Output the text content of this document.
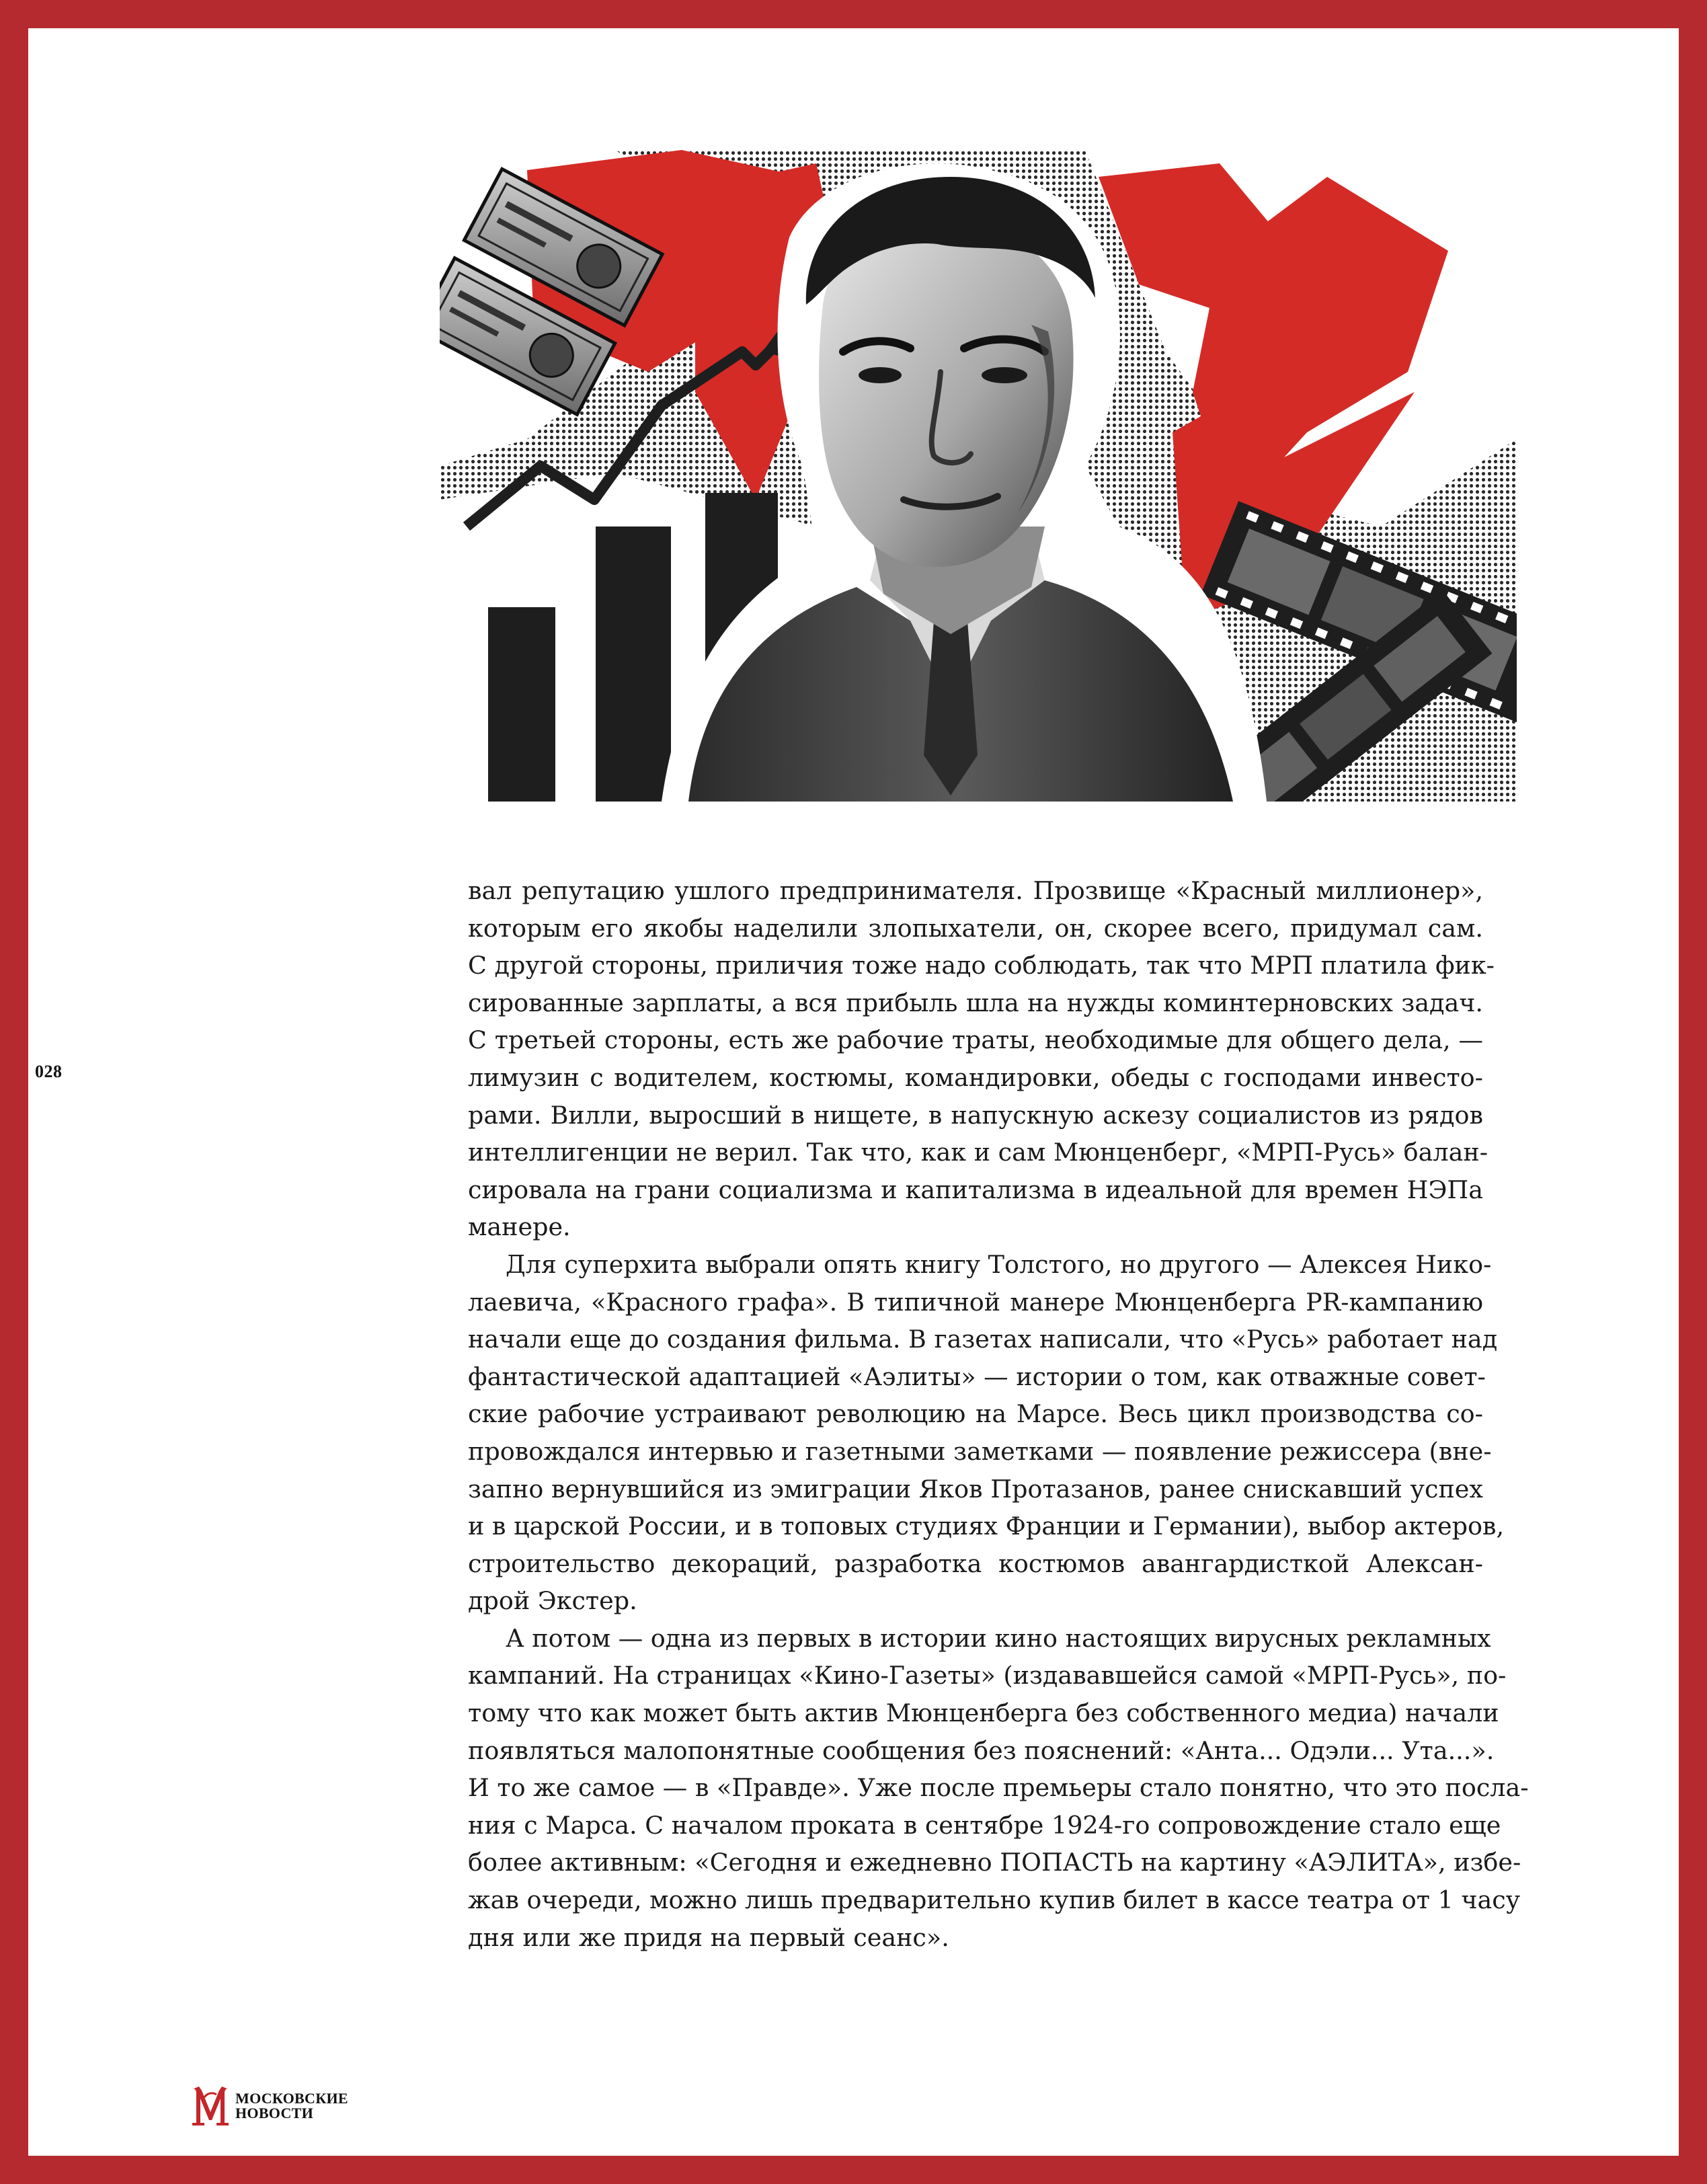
028

вал репутацию ушлого предпринимателя. Прозвище «Красный миллионер»,

которым его якобы наделили злопыхатели, он, скорее всего, придумал сам.

С другой стороны, приличия тоже надо соблюдать, так что МРП платила фик-

сированные зарплаты, а вся прибыль шла на нужды коминтерновских задач.

С третьей стороны, есть же рабочие траты, необходимые для общего дела, —

лимузин с водителем, костюмы, командировки, обеды с господами инвесто-

рами. Вилли, выросший в нищете, в напускную аскезу социалистов из рядов

интеллигенции не верил. Так что, как и сам Мюнценберг, «МРП-Русь» балан-

сировала на грани социализма и капитализма в идеальной для времен НЭПа

манере.

Для суперхита выбрали опять книгу Толстого, но другого — Алексея Нико-

лаевича, «Красного графа». В типичной манере Мюнценберга PR-кампанию

начали еще до создания фильма. В газетах написали, что «Русь» работает над

фантастической адаптацией «Аэлиты» — истории о том, как отважные совет-

ские рабочие устраивают революцию на Марсе. Весь цикл производства со-

провождался интервью и газетными заметками — появление режиссера (вне-

запно вернувшийся из эмиграции Яков Протазанов, ранее снискавший успех

и в царской России, и в топовых студиях Франции и Германии), выбор актеров,

строительство декораций, разработка костюмов авангардисткой Алексан-

дрой Экстер.

А потом — одна из первых в истории кино настоящих вирусных рекламных

кампаний. На страницах «Кино-Газеты» (издававшейся самой «МРП-Русь», по-

тому что как может быть актив Мюнценберга без собственного медиа) начали

появляться малопонятные сообщения без пояснений: «Анта... Одэли... Ута...».

И то же самое — в «Правде». Уже после премьеры стало понятно, что это посла-

ния с Марса. С началом проката в сентябре 1924-го сопровождение стало еще

более активным: «Сегодня и ежедневно ПОПАСТЬ на картину «АЭЛИТА», избе-

жав очереди, можно лишь предварительно купив билет в кассе театра от 1 часу

дня или же придя на первый сеанс».

МОСКОВСКИЕ
НОВОСТИ
